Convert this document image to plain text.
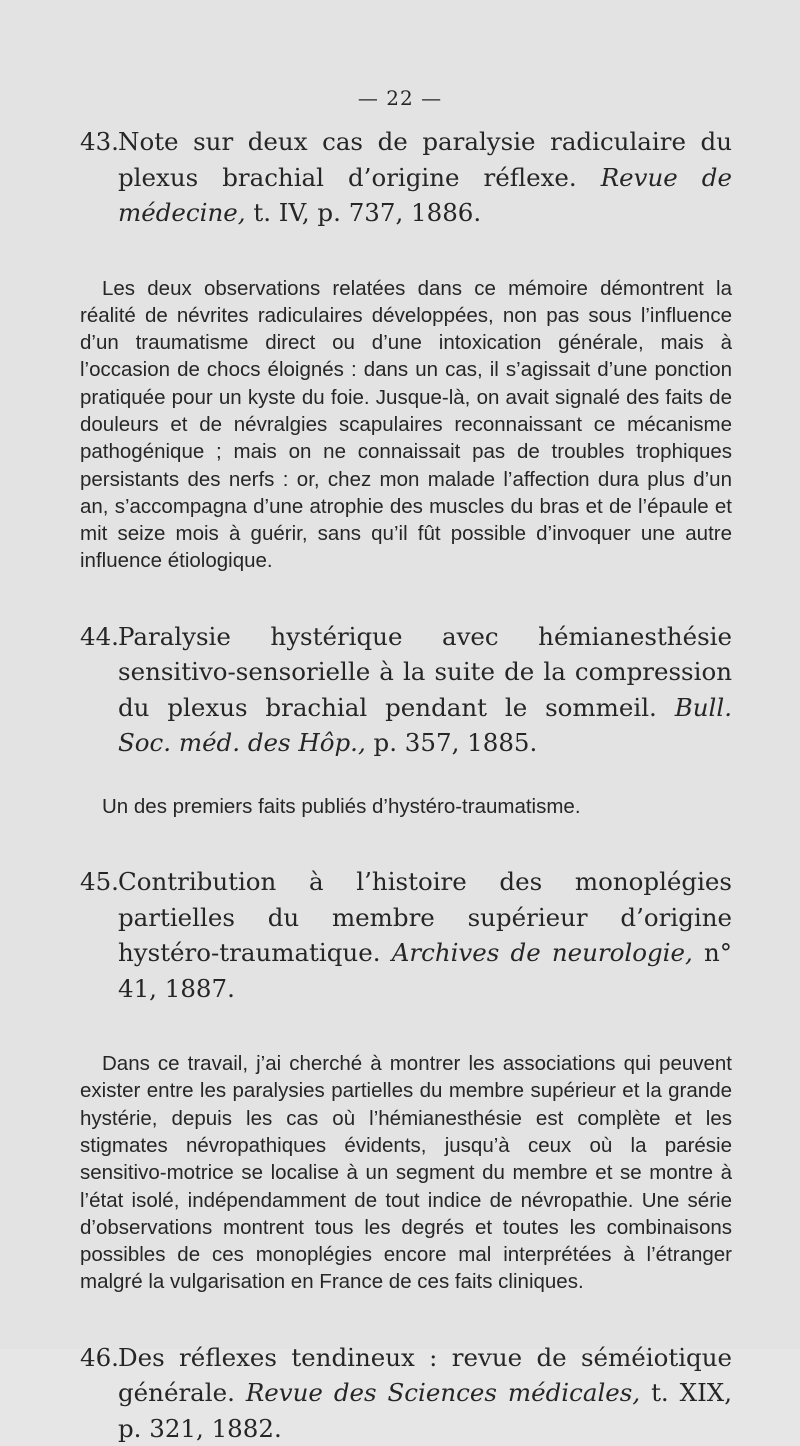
— 22 —

43.Note sur deux cas de paralysie radiculaire du plexus brachial d’origine réflexe. Revue de médecine, t. IV, p. 737, 1886.

Les deux observations relatées dans ce mémoire démontrent la réalité de névrites radiculaires développées, non pas sous l’influence d’un traumatisme direct ou d’une intoxication générale, mais à l’occasion de chocs éloignés : dans un cas, il s’agissait d’une ponction pratiquée pour un kyste du foie. Jusque-là, on avait signalé des faits de douleurs et de névralgies scapulaires reconnaissant ce mécanisme pathogénique ; mais on ne connaissait pas de troubles trophiques persistants des nerfs : or, chez mon malade l’affection dura plus d’un an, s’accompagna d’une atrophie des muscles du bras et de l’épaule et mit seize mois à guérir, sans qu’il fût possible d’invoquer une autre influence étiologique.

44.Paralysie hystérique avec hémianesthésie sensitivo-sensorielle à la suite de la compression du plexus brachial pendant le sommeil. Bull. Soc. méd. des Hôp., p. 357, 1885.

Un des premiers faits publiés d’hystéro-traumatisme.

45.Contribution à l’histoire des monoplégies partielles du membre supérieur d’origine hystéro-traumatique. Archives de neurologie, n° 41, 1887.

Dans ce travail, j’ai cherché à montrer les associations qui peuvent exister entre les paralysies partielles du membre supérieur et la grande hystérie, depuis les cas où l’hémianesthésie est complète et les stigmates névropathiques évidents, jusqu’à ceux où la parésie sensitivo-motrice se localise à un segment du membre et se montre à l’état isolé, indépendamment de tout indice de névropathie. Une série d’observations montrent tous les degrés et toutes les combinaisons possibles de ces monoplégies encore mal interprétées à l’étranger malgré la vulgarisation en France de ces faits cliniques.

46.Des réflexes tendineux : revue de séméiotique générale. Revue des Sciences médicales, t. XIX, p. 321, 1882.
